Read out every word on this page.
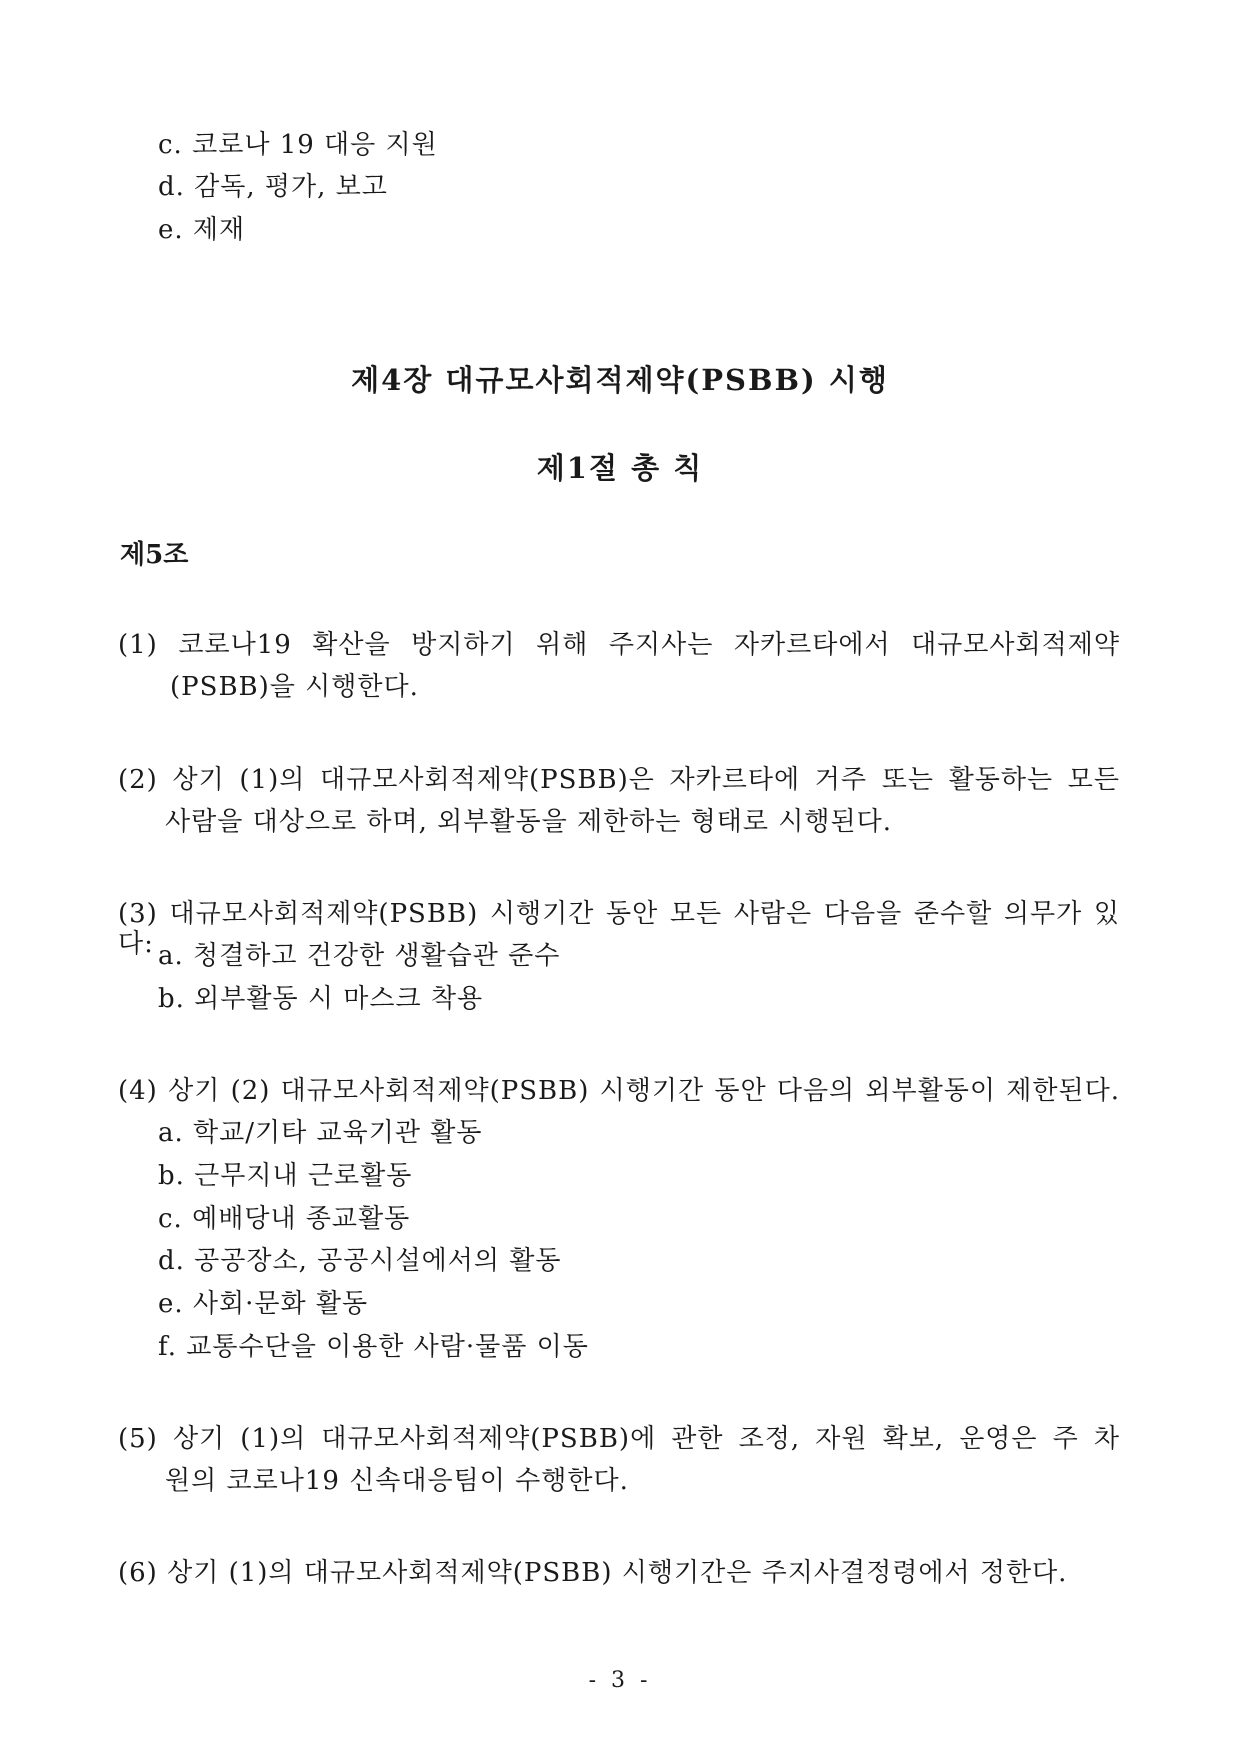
c. 코로나 19 대응 지원
d. 감독, 평가, 보고
e. 제재
제4장 대규모사회적제약(PSBB) 시행
제1절 총 칙
제5조
(1) 코로나19 확산을 방지하기 위해 주지사는 자카르타에서 대규모사회적제약
(PSBB)을 시행한다.
(2) 상기 (1)의 대규모사회적제약(PSBB)은 자카르타에 거주 또는 활동하는 모든
사람을 대상으로 하며, 외부활동을 제한하는 형태로 시행된다.
(3) 대규모사회적제약(PSBB) 시행기간 동안 모든 사람은 다음을 준수할 의무가 있다: a. 청결하고 건강한 생활습관 준수
b. 외부활동 시 마스크 착용
(4) 상기 (2) 대규모사회적제약(PSBB) 시행기간 동안 다음의 외부활동이 제한된다.
a. 학교/기타 교육기관 활동
b. 근무지내 근로활동
c. 예배당내 종교활동
d. 공공장소, 공공시설에서의 활동
e. 사회·문화 활동
f. 교통수단을 이용한 사람·물품 이동
(5) 상기 (1)의 대규모사회적제약(PSBB)에 관한 조정, 자원 확보, 운영은 주 차
원의 코로나19 신속대응팀이 수행한다.
(6) 상기 (1)의 대규모사회적제약(PSBB) 시행기간은 주지사결정령에서 정한다.
- 3 -
